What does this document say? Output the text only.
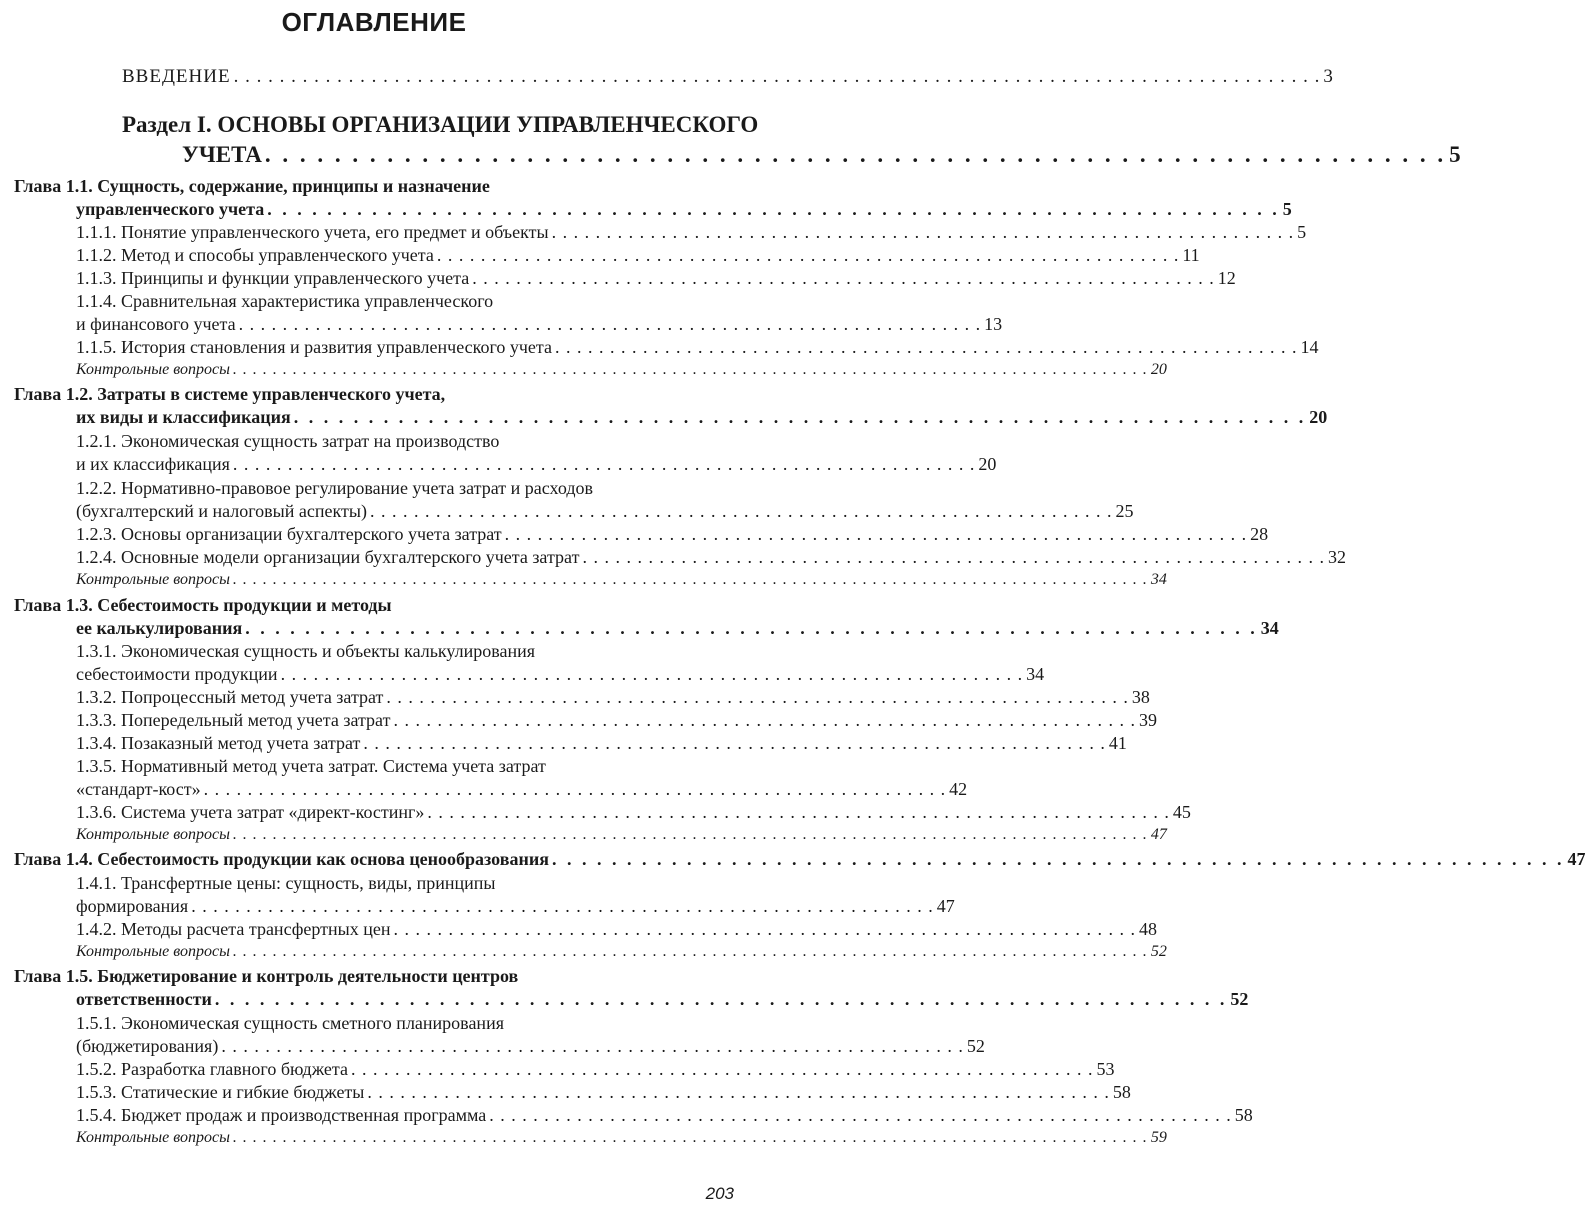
ОГЛАВЛЕНИЕ
ВВЕДЕНИЕ . . . . . . . . . . . . . . . . . . . . . . . . . . . . . . . . . . . . . . . . . . . . . . . . . . . . . . . . . . . . . . . . . . . . . . . . . . . . . . . . . . . . . . . . . . . . . . . 3
Раздел I. ОСНОВЫ ОРГАНИЗАЦИИ УПРАВЛЕНЧЕСКОГО
УЧЕТА . . . . . . . . . . . . . . . . . . . . . . . . . . . . . . . . . . . . . . . . . . . . . . . . . . . . . . . . . . . . . . . . . . . . 5
Глава 1.1. Сущность, содержание, принципы и назначение
управленческого учета . . . . . . . . . . . . . . . . . . . . . . . . . . . . . . . . . . . . . . . . . . . . . . . . . . . . . . . . . . . . . . . . . . . . 5
1.1.1. Понятие управленческого учета, его предмет и объекты . . . . . . . . . . . . . . . . . . . . . . . . . . . . . . . . . . . . . . . . . . . . . . . . . . . . . . . . . . . . . . . . . . . . 5
1.1.2. Метод и способы управленческого учета . . . . . . . . . . . . . . . . . . . . . . . . . . . . . . . . . . . . . . . . . . . . . . . . . . . . . . . . . . . . . . . . . . . . 11
1.1.3. Принципы и функции управленческого учета . . . . . . . . . . . . . . . . . . . . . . . . . . . . . . . . . . . . . . . . . . . . . . . . . . . . . . . . . . . . . . . . . . . . 12
1.1.4. Сравнительная характеристика управленческого
и финансового учета . . . . . . . . . . . . . . . . . . . . . . . . . . . . . . . . . . . . . . . . . . . . . . . . . . . . . . . . . . . . . . . . . . . . 13
1.1.5. История становления и развития управленческого учета . . . . . . . . . . . . . . . . . . . . . . . . . . . . . . . . . . . . . . . . . . . . . . . . . . . . . . . . . . . . . . . . . . . . 14
Контрольные вопросы . . . . . . . . . . . . . . . . . . . . . . . . . . . . . . . . . . . . . . . . . . . . . . . . . . . . . . . . . . . . . . . . . . . . . . . . . . . . . . . . . . . . . . . . . . . . 20
Глава 1.2. Затраты в системе управленческого учета,
их виды и классификация . . . . . . . . . . . . . . . . . . . . . . . . . . . . . . . . . . . . . . . . . . . . . . . . . . . . . . . . . . . . . . . . . . . . 20
1.2.1. Экономическая сущность затрат на производство
и их классификация . . . . . . . . . . . . . . . . . . . . . . . . . . . . . . . . . . . . . . . . . . . . . . . . . . . . . . . . . . . . . . . . . . . . 20
1.2.2. Нормативно-правовое регулирование учета затрат и расходов
(бухгалтерский и налоговый аспекты) . . . . . . . . . . . . . . . . . . . . . . . . . . . . . . . . . . . . . . . . . . . . . . . . . . . . . . . . . . . . . . . . . . . . 25
1.2.3. Основы организации бухгалтерского учета затрат . . . . . . . . . . . . . . . . . . . . . . . . . . . . . . . . . . . . . . . . . . . . . . . . . . . . . . . . . . . . . . . . . . . . 28
1.2.4. Основные модели организации бухгалтерского учета затрат . . . . . . . . . . . . . . . . . . . . . . . . . . . . . . . . . . . . . . . . . . . . . . . . . . . . . . . . . . . . . . . . . . . . 32
Контрольные вопросы . . . . . . . . . . . . . . . . . . . . . . . . . . . . . . . . . . . . . . . . . . . . . . . . . . . . . . . . . . . . . . . . . . . . . . . . . . . . . . . . . . . . . . . . . . . . 34
Глава 1.3. Себестоимость продукции и методы
ее калькулирования . . . . . . . . . . . . . . . . . . . . . . . . . . . . . . . . . . . . . . . . . . . . . . . . . . . . . . . . . . . . . . . . . . . . 34
1.3.1. Экономическая сущность и объекты калькулирования
себестоимости продукции . . . . . . . . . . . . . . . . . . . . . . . . . . . . . . . . . . . . . . . . . . . . . . . . . . . . . . . . . . . . . . . . . . . . 34
1.3.2. Попроцессный метод учета затрат . . . . . . . . . . . . . . . . . . . . . . . . . . . . . . . . . . . . . . . . . . . . . . . . . . . . . . . . . . . . . . . . . . . . 38
1.3.3. Попередельный метод учета затрат . . . . . . . . . . . . . . . . . . . . . . . . . . . . . . . . . . . . . . . . . . . . . . . . . . . . . . . . . . . . . . . . . . . . 39
1.3.4. Позаказный метод учета затрат . . . . . . . . . . . . . . . . . . . . . . . . . . . . . . . . . . . . . . . . . . . . . . . . . . . . . . . . . . . . . . . . . . . . 41
1.3.5. Нормативный метод учета затрат. Система учета затрат
«стандарт-кост» . . . . . . . . . . . . . . . . . . . . . . . . . . . . . . . . . . . . . . . . . . . . . . . . . . . . . . . . . . . . . . . . . . . . 42
1.3.6. Система учета затрат «директ-костинг» . . . . . . . . . . . . . . . . . . . . . . . . . . . . . . . . . . . . . . . . . . . . . . . . . . . . . . . . . . . . . . . . . . . . 45
Контрольные вопросы . . . . . . . . . . . . . . . . . . . . . . . . . . . . . . . . . . . . . . . . . . . . . . . . . . . . . . . . . . . . . . . . . . . . . . . . . . . . . . . . . . . . . . . . . . . . 47
Глава 1.4. Себестоимость продукции как основа ценообразования . . . . . . . . . . . . . . . . . . . . . . . . . . . . . . . . . . . . . . . . . . . . . . . . . . . . . . . . . . . . . . . . . . . . 47
1.4.1. Трансфертные цены: сущность, виды, принципы
формирования . . . . . . . . . . . . . . . . . . . . . . . . . . . . . . . . . . . . . . . . . . . . . . . . . . . . . . . . . . . . . . . . . . . . 47
1.4.2. Методы расчета трансфертных цен . . . . . . . . . . . . . . . . . . . . . . . . . . . . . . . . . . . . . . . . . . . . . . . . . . . . . . . . . . . . . . . . . . . . 48
Контрольные вопросы . . . . . . . . . . . . . . . . . . . . . . . . . . . . . . . . . . . . . . . . . . . . . . . . . . . . . . . . . . . . . . . . . . . . . . . . . . . . . . . . . . . . . . . . . . . . 52
Глава 1.5. Бюджетирование и контроль деятельности центров
ответственности . . . . . . . . . . . . . . . . . . . . . . . . . . . . . . . . . . . . . . . . . . . . . . . . . . . . . . . . . . . . . . . . . . . . 52
1.5.1. Экономическая сущность сметного планирования
(бюджетирования) . . . . . . . . . . . . . . . . . . . . . . . . . . . . . . . . . . . . . . . . . . . . . . . . . . . . . . . . . . . . . . . . . . . . 52
1.5.2. Разработка главного бюджета . . . . . . . . . . . . . . . . . . . . . . . . . . . . . . . . . . . . . . . . . . . . . . . . . . . . . . . . . . . . . . . . . . . . 53
1.5.3. Статические и гибкие бюджеты . . . . . . . . . . . . . . . . . . . . . . . . . . . . . . . . . . . . . . . . . . . . . . . . . . . . . . . . . . . . . . . . . . . . 58
1.5.4. Бюджет продаж и производственная программа . . . . . . . . . . . . . . . . . . . . . . . . . . . . . . . . . . . . . . . . . . . . . . . . . . . . . . . . . . . . . . . . . . . . 58
Контрольные вопросы . . . . . . . . . . . . . . . . . . . . . . . . . . . . . . . . . . . . . . . . . . . . . . . . . . . . . . . . . . . . . . . . . . . . . . . . . . . . . . . . . . . . . . . . . . . . 59
203
